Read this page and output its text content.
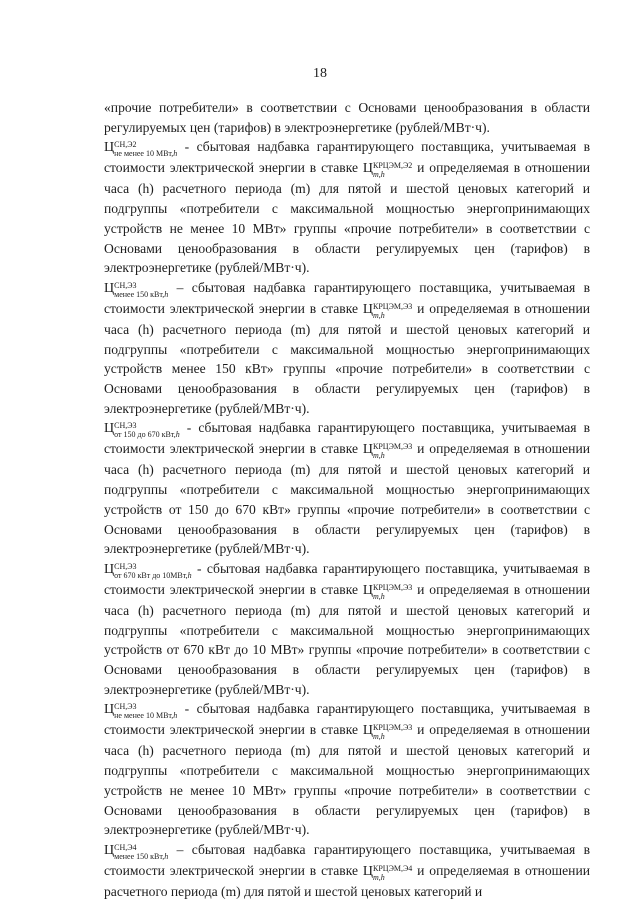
18

«прочие потребители» в соответствии с Основами ценообразования в области регулируемых цен (тарифов) в электроэнергетике (рублей/МВт·ч).

Ц СН,Э2
не менее 10 МВт,h - сбытовая надбавка гарантирующего поставщика, учитываемая в стоимости электрической энергии в ставке Ц КРЦЭМ,Э2
m,h	и определяемая в отношении часа (h) расчетного периода (m) для пятой и шестой ценовых категорий и подгруппы «потребители с максимальной мощностью энергопринимающих устройств не менее 10 МВт» группы «прочие потребители» в соответствии с Основами ценообразования в области регулируемых цен (тарифов) в электроэнергетике (рублей/МВт·ч).

Ц СН,Э3
менее 150 кВт,h – сбытовая надбавка гарантирующего поставщика, учитываемая в стоимости электрической энергии в ставке Ц КРЦЭМ,Э3
m,h	и определяемая в отношении часа (h) расчетного периода (m) для пятой и шестой ценовых категорий и подгруппы «потребители с максимальной мощностью энергопринимающих устройств менее 150 кВт» группы «прочие потребители» в соответствии с Основами ценообразования в области регулируемых цен (тарифов) в электроэнергетике (рублей/МВт·ч).

Ц СН,Э3
от 150 до 670 кВт,h - сбытовая надбавка гарантирующего поставщика, учитываемая в стоимости электрической энергии в ставке Ц КРЦЭМ,Э3
m,h	и определяемая в отношении часа (h) расчетного периода (m) для пятой и шестой ценовых категорий и подгруппы «потребители с максимальной мощностью энергопринимающих устройств от 150 до 670 кВт» группы «прочие потребители» в соответствии с Основами ценообразования в области регулируемых цен (тарифов) в электроэнергетике (рублей/МВт·ч).

Ц СН,Э3
от 670 кВт до 10МВт,h - сбытовая надбавка гарантирующего поставщика, учитываемая в стоимости электрической энергии в ставке Ц КРЦЭМ,Э3
m,h	и определяемая в отношении часа (h) расчетного периода (m) для пятой и шестой ценовых категорий и подгруппы «потребители с максимальной мощностью энергопринимающих устройств от 670 кВт до 10 МВт» группы «прочие потребители» в соответствии с Основами ценообразования в области регулируемых цен (тарифов) в электроэнергетике (рублей/МВт·ч).

Ц СН,Э3
не менее 10 МВт,h - сбытовая надбавка гарантирующего поставщика, учитываемая в стоимости электрической энергии в ставке Ц КРЦЭМ,Э3
m,h	и определяемая в отношении часа (h) расчетного периода (m) для пятой и шестой ценовых категорий и подгруппы «потребители с максимальной мощностью энергопринимающих устройств не менее 10 МВт» группы «прочие потребители» в соответствии с Основами ценообразования в области регулируемых цен (тарифов) в электроэнергетике (рублей/МВт·ч).

Ц СН,Э4
менее 150 кВт,h – сбытовая надбавка гарантирующего поставщика, учитываемая в стоимости электрической энергии в ставке Ц КРЦЭМ,Э4
m,h	и определяемая в отношении расчетного периода (m) для пятой и шестой ценовых категорий и
